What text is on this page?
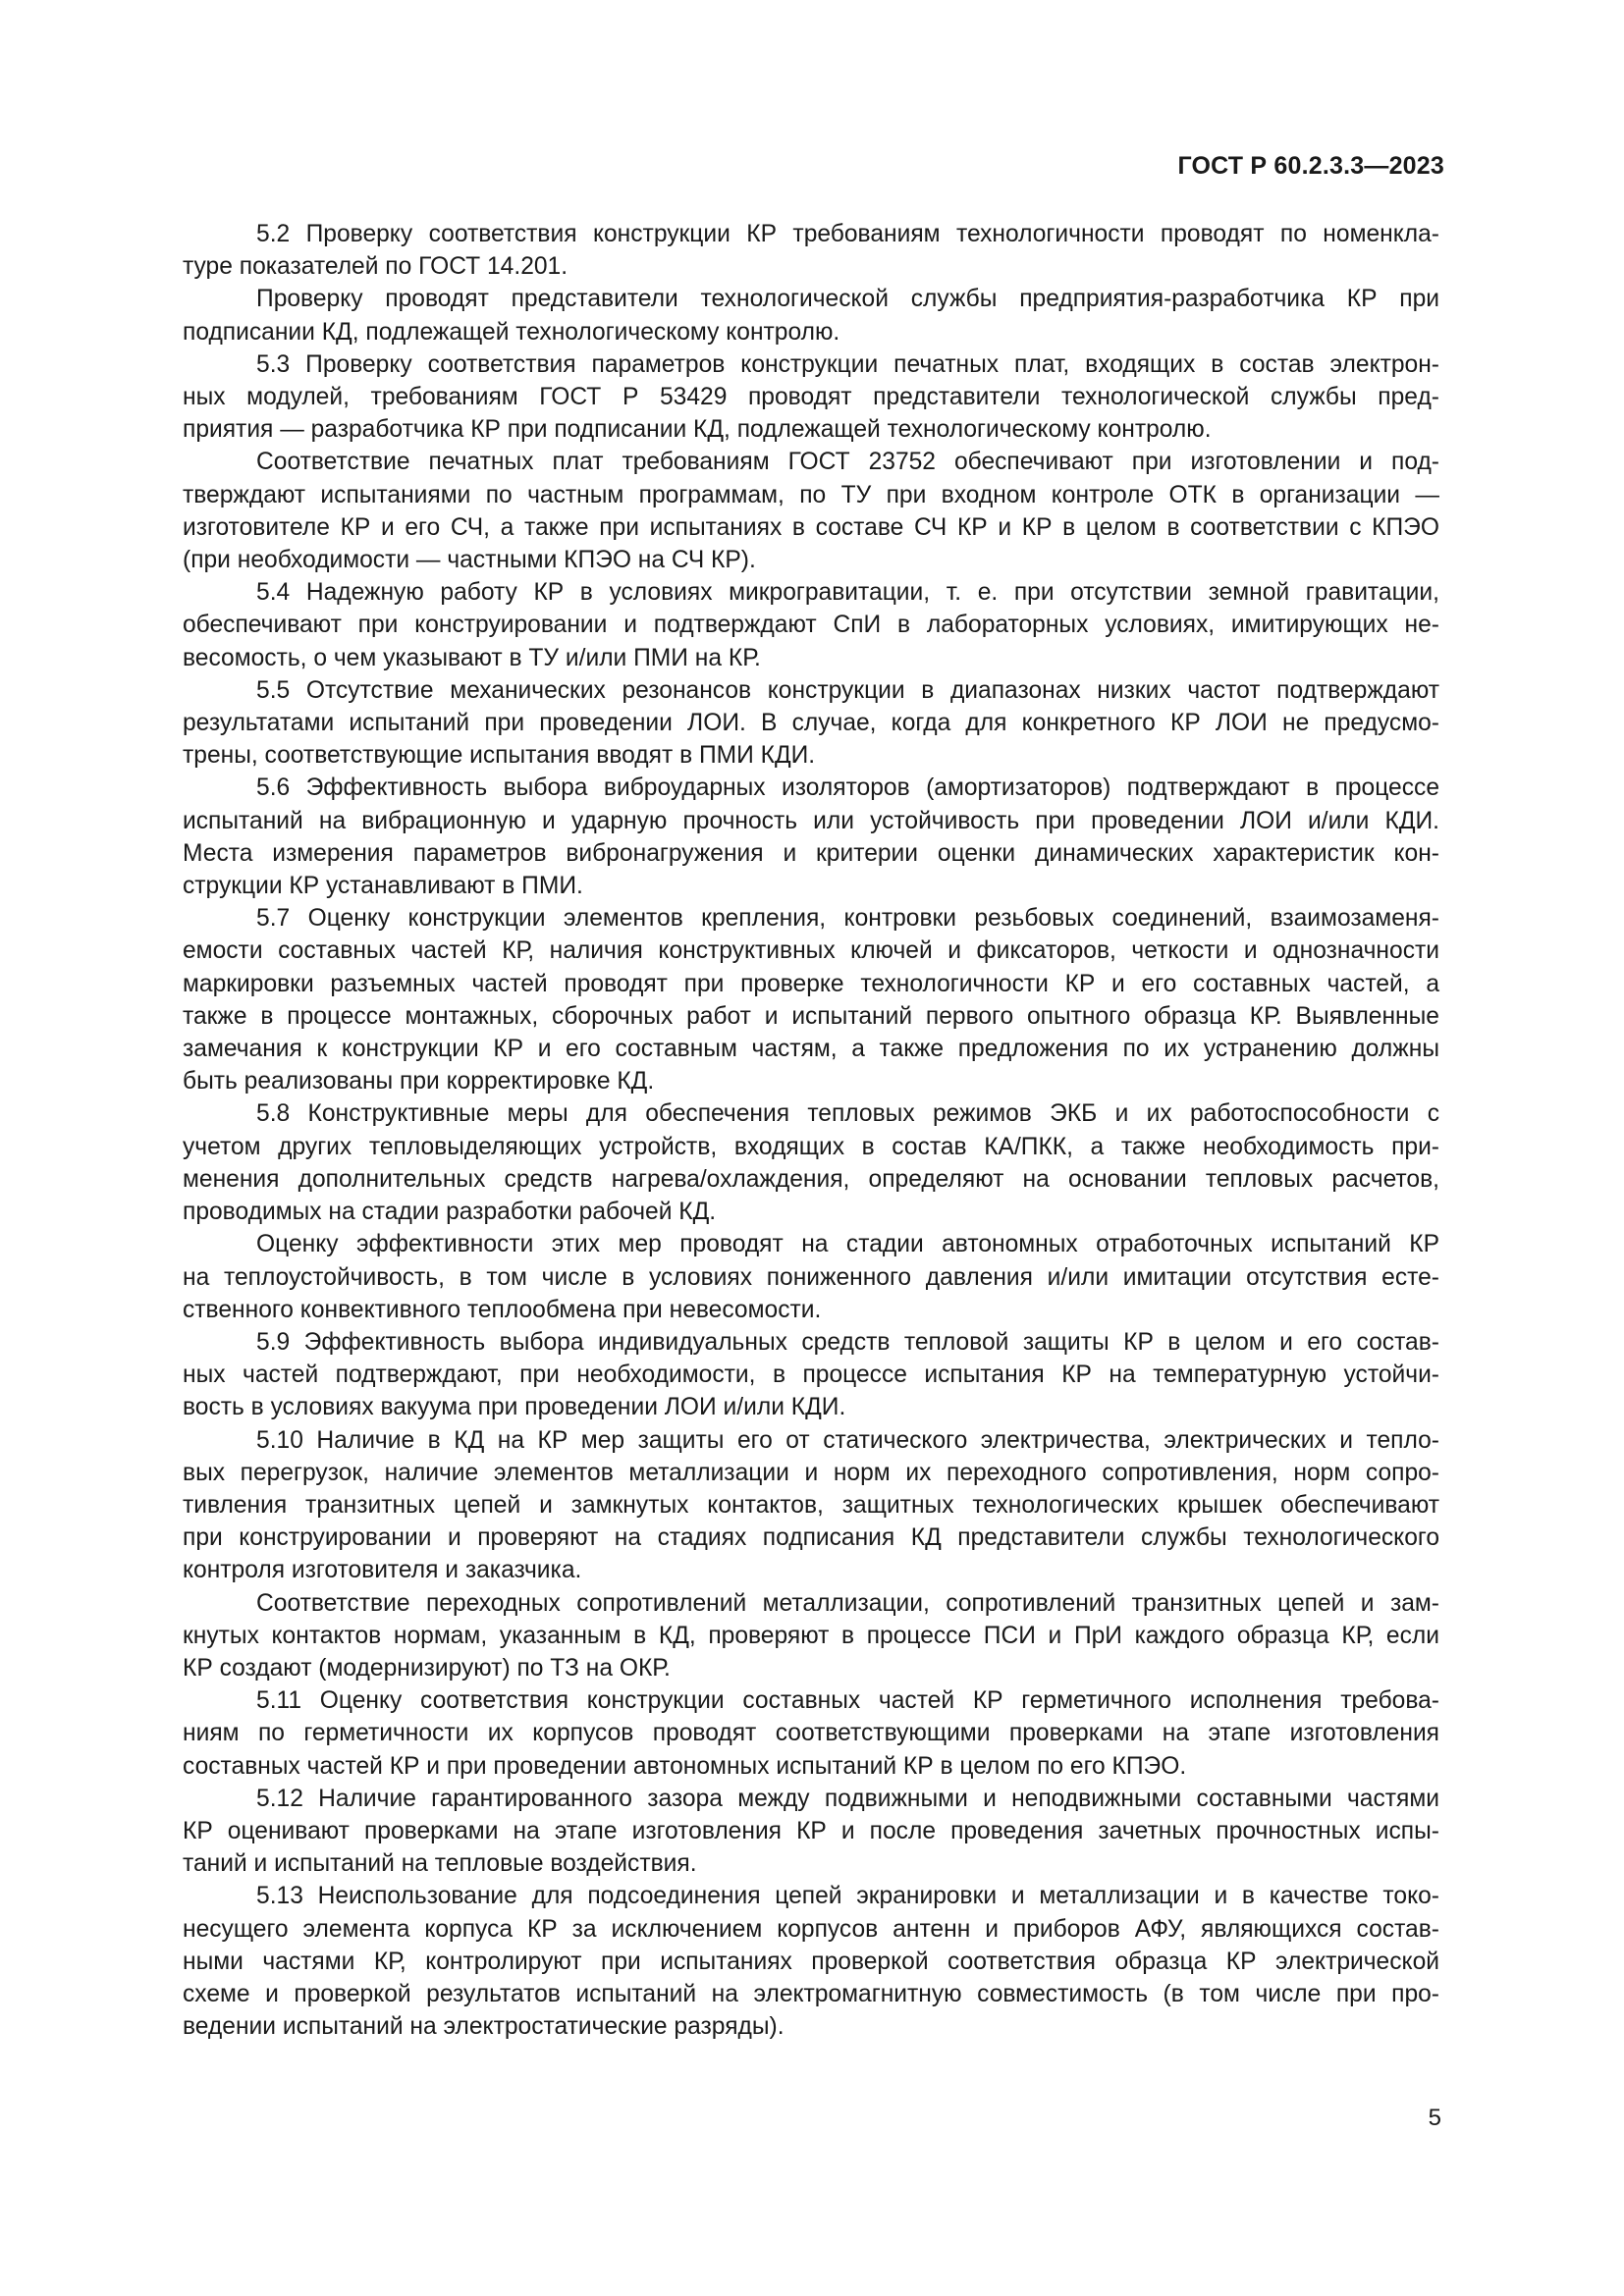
ГОСТ Р 60.2.3.3—2023

5.2 Проверку соответствия конструкции КР требованиям технологичности проводят по номенкла-
туре показателей по ГОСТ 14.201.

Проверку проводят представители технологической службы предприятия-разработчика КР при
подписании КД, подлежащей технологическому контролю.

5.3 Проверку соответствия параметров конструкции печатных плат, входящих в состав электрон-
ных модулей, требованиям ГОСТ Р 53429 проводят представители технологической службы пред-
приятия — разработчика КР при подписании КД, подлежащей технологическому контролю.

Соответствие печатных плат требованиям ГОСТ 23752 обеспечивают при изготовлении и под-
тверждают испытаниями по частным программам, по ТУ при входном контроле ОТК в организации —
изготовителе КР и его СЧ, а также при испытаниях в составе СЧ КР и КР в целом в соответствии с КПЭО
(при необходимости — частными КПЭО на СЧ КР).

5.4 Надежную работу КР в условиях микрогравитации, т. е. при отсутствии земной гравитации,
обеспечивают при конструировании и подтверждают СпИ в лабораторных условиях, имитирующих не-
весомость, о чем указывают в ТУ и/или ПМИ на КР.

5.5 Отсутствие механических резонансов конструкции в диапазонах низких частот подтверждают
результатами испытаний при проведении ЛОИ. В случае, когда для конкретного КР ЛОИ не предусмо-
трены, соответствующие испытания вводят в ПМИ КДИ.

5.6 Эффективность выбора виброударных изоляторов (амортизаторов) подтверждают в процессе
испытаний на вибрационную и ударную прочность или устойчивость при проведении ЛОИ и/или КДИ.
Места измерения параметров вибронагружения и критерии оценки динамических характеристик кон-
струкции КР устанавливают в ПМИ.

5.7 Оценку конструкции элементов крепления, контровки резьбовых соединений, взаимозаменя-
емости составных частей КР, наличия конструктивных ключей и фиксаторов, четкости и однозначности
маркировки разъемных частей проводят при проверке технологичности КР и его составных частей, а
также в процессе монтажных, сборочных работ и испытаний первого опытного образца КР. Выявленные
замечания к конструкции КР и его составным частям, а также предложения по их устранению должны
быть реализованы при корректировке КД.

5.8 Конструктивные меры для обеспечения тепловых режимов ЭКБ и их работоспособности с
учетом других тепловыделяющих устройств, входящих в состав КА/ПКК, а также необходимость при-
менения дополнительных средств нагрева/охлаждения, определяют на основании тепловых расчетов,
проводимых на стадии разработки рабочей КД.

Оценку эффективности этих мер проводят на стадии автономных отработочных испытаний КР
на теплоустойчивость, в том числе в условиях пониженного давления и/или имитации отсутствия есте-
ственного конвективного теплообмена при невесомости.

5.9 Эффективность выбора индивидуальных средств тепловой защиты КР в целом и его состав-
ных частей подтверждают, при необходимости, в процессе испытания КР на температурную устойчи-
вость в условиях вакуума при проведении ЛОИ и/или КДИ.

5.10 Наличие в КД на КР мер защиты его от статического электричества, электрических и тепло-
вых перегрузок, наличие элементов металлизации и норм их переходного сопротивления, норм сопро-
тивления транзитных цепей и замкнутых контактов, защитных технологических крышек обеспечивают
при конструировании и проверяют на стадиях подписания КД представители службы технологического
контроля изготовителя и заказчика.

Соответствие переходных сопротивлений металлизации, сопротивлений транзитных цепей и зам-
кнутых контактов нормам, указанным в КД, проверяют в процессе ПСИ и ПрИ каждого образца КР, если
КР создают (модернизируют) по ТЗ на ОКР.

5.11 Оценку соответствия конструкции составных частей КР герметичного исполнения требова-
ниям по герметичности их корпусов проводят соответствующими проверками на этапе изготовления
составных частей КР и при проведении автономных испытаний КР в целом по его КПЭО.

5.12 Наличие гарантированного зазора между подвижными и неподвижными составными частями
КР оценивают проверками на этапе изготовления КР и после проведения зачетных прочностных испы-
таний и испытаний на тепловые воздействия.

5.13 Неиспользование для подсоединения цепей экранировки и металлизации и в качестве токо-
несущего элемента корпуса КР за исключением корпусов антенн и приборов АФУ, являющихся состав-
ными частями КР, контролируют при испытаниях проверкой соответствия образца КР электрической
схеме и проверкой результатов испытаний на электромагнитную совместимость (в том числе при про-
ведении испытаний на электростатические разряды).

5
